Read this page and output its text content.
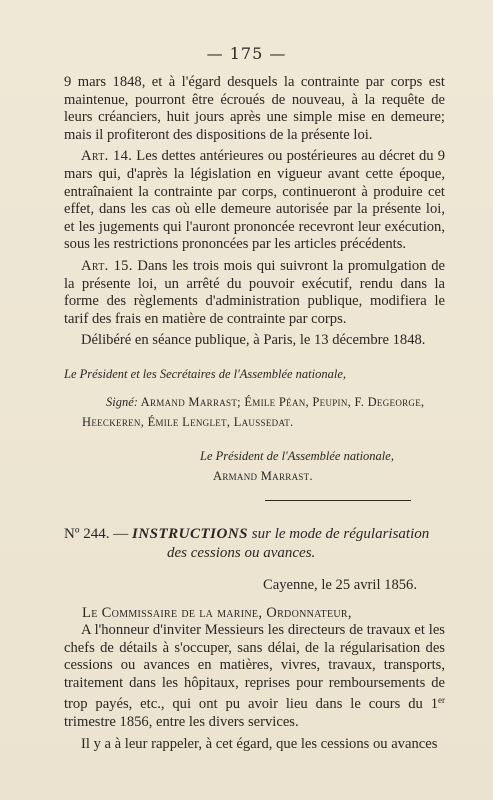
— 175 —

9 mars 1848, et à l'égard desquels la contrainte par corps est maintenue, pourront être écroués de nouveau, à la requête de leurs créanciers, huit jours après une simple mise en demeure; mais il profiteront des dispositions de la présente loi.

Art. 14. Les dettes antérieures ou postérieures au décret du 9 mars qui, d'après la législation en vigueur avant cette époque, entraînaient la contrainte par corps, continueront à produire cet effet, dans les cas où elle demeure autorisée par la présente loi, et les jugements qui l'auront prononcée recevront leur exécution, sous les restrictions prononcées par les articles précédents.

Art. 15. Dans les trois mois qui suivront la promulgation de la présente loi, un arrêté du pouvoir exécutif, rendu dans la forme des règlements d'administration publique, modifiera le tarif des frais en matière de contrainte par corps.

Délibéré en séance publique, à Paris, le 13 décembre 1848.

Le Président et les Secrétaires de l'Assemblée nationale,

Signé: Armand Marrast; Émile Péan, Peupin, F. Degeorge,

Heeckeren, Émile Lenglet, Laussedat.

Le Président de l'Assemblée nationale,

Armand Marrast.

Nº 244. — INSTRUCTIONS sur le mode de régularisation
des cessions ou avances.

Cayenne, le 25 avril 1856.

Le Commissaire de la marine, Ordonnateur,

A l'honneur d'inviter Messieurs les directeurs de travaux et les chefs de détails à s'occuper, sans délai, de la régularisation des cessions ou avances en matières, vivres, travaux, transports, traitement dans les hôpitaux, reprises pour remboursements de trop payés, etc., qui ont pu avoir lieu dans le cours du 1er trimestre 1856, entre les divers services.

Il y a à leur rappeler, à cet égard, que les cessions ou avances
